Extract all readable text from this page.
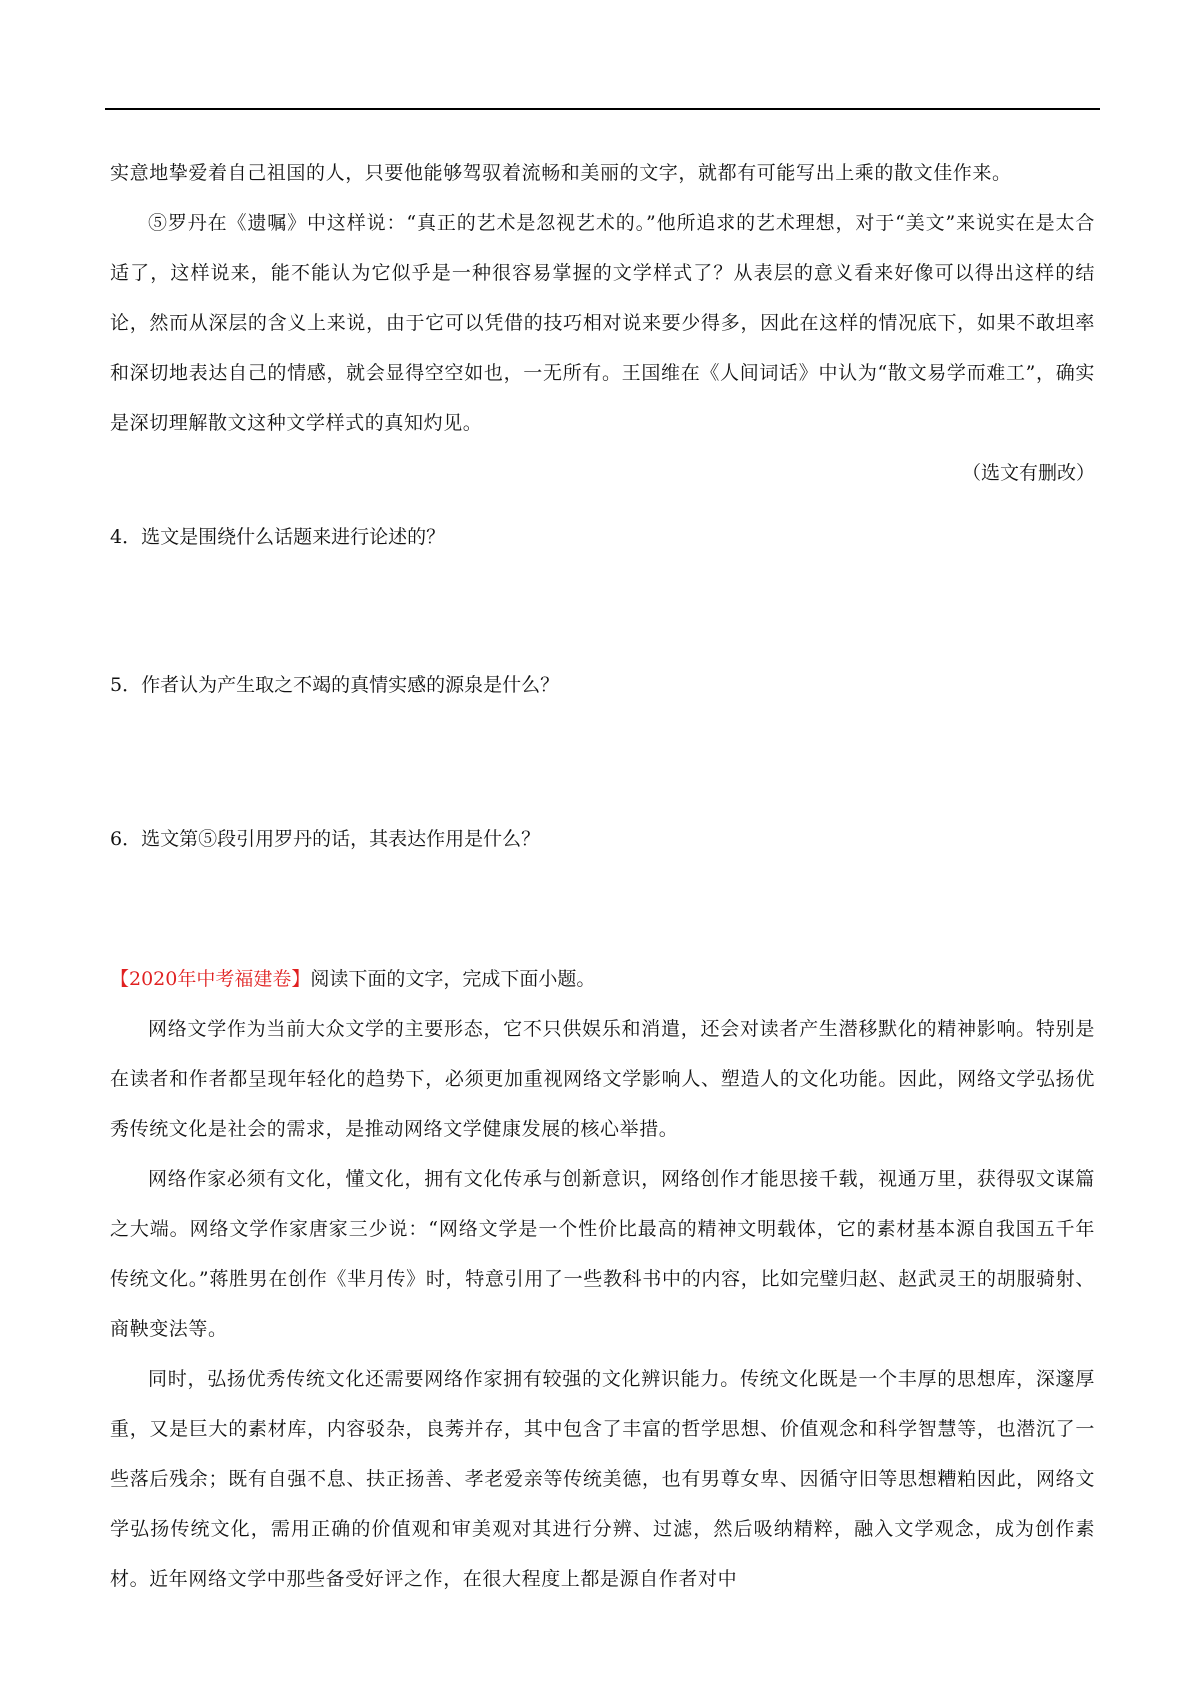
实意地挚爱着自己祖国的人，只要他能够驾驭着流畅和美丽的文字，就都有可能写出上乘的散文佳作来。

⑤罗丹在《遗嘱》中这样说：“真正的艺术是忽视艺术的。”他所追求的艺术理想，对于“美文”来说实在是太合适了，这样说来，能不能认为它似乎是一种很容易掌握的文学样式了？从表层的意义看来好像可以得出这样的结论，然而从深层的含义上来说，由于它可以凭借的技巧相对说来要少得多，因此在这样的情况底下，如果不敢坦率和深切地表达自己的情感，就会显得空空如也，一无所有。王国维在《人间词话》中认为“散文易学而难工”，确实是深切理解散文这种文学样式的真知灼见。

（选文有删改）

4．选文是围绕什么话题来进行论述的？

5．作者认为产生取之不竭的真情实感的源泉是什么？

6．选文第⑤段引用罗丹的话，其表达作用是什么？

【2020年中考福建卷】阅读下面的文字，完成下面小题。

网络文学作为当前大众文学的主要形态，它不只供娱乐和消遣，还会对读者产生潜移默化的精神影响。特别是在读者和作者都呈现年轻化的趋势下，必须更加重视网络文学影响人、塑造人的文化功能。因此，网络文学弘扬优秀传统文化是社会的需求，是推动网络文学健康发展的核心举措。

网络作家必须有文化，懂文化，拥有文化传承与创新意识，网络创作才能思接千载，视通万里，获得驭文谋篇之大端。网络文学作家唐家三少说：“网络文学是一个性价比最高的精神文明载体，它的素材基本源自我国五千年传统文化。”蒋胜男在创作《芈月传》时，特意引用了一些教科书中的内容，比如完璧归赵、赵武灵王的胡服骑射、商鞅变法等。

同时，弘扬优秀传统文化还需要网络作家拥有较强的文化辨识能力。传统文化既是一个丰厚的思想库，深邃厚重，又是巨大的素材库，内容驳杂，良莠并存，其中包含了丰富的哲学思想、价值观念和科学智慧等，也潜沉了一些落后残余；既有自强不息、扶正扬善、孝老爱亲等传统美德，也有男尊女卑、因循守旧等思想糟粕因此，网络文学弘扬传统文化，需用正确的价值观和审美观对其进行分辨、过滤，然后吸纳精粹，融入文学观念，成为创作素材。近年网络文学中那些备受好评之作，在很大程度上都是源自作者对中
